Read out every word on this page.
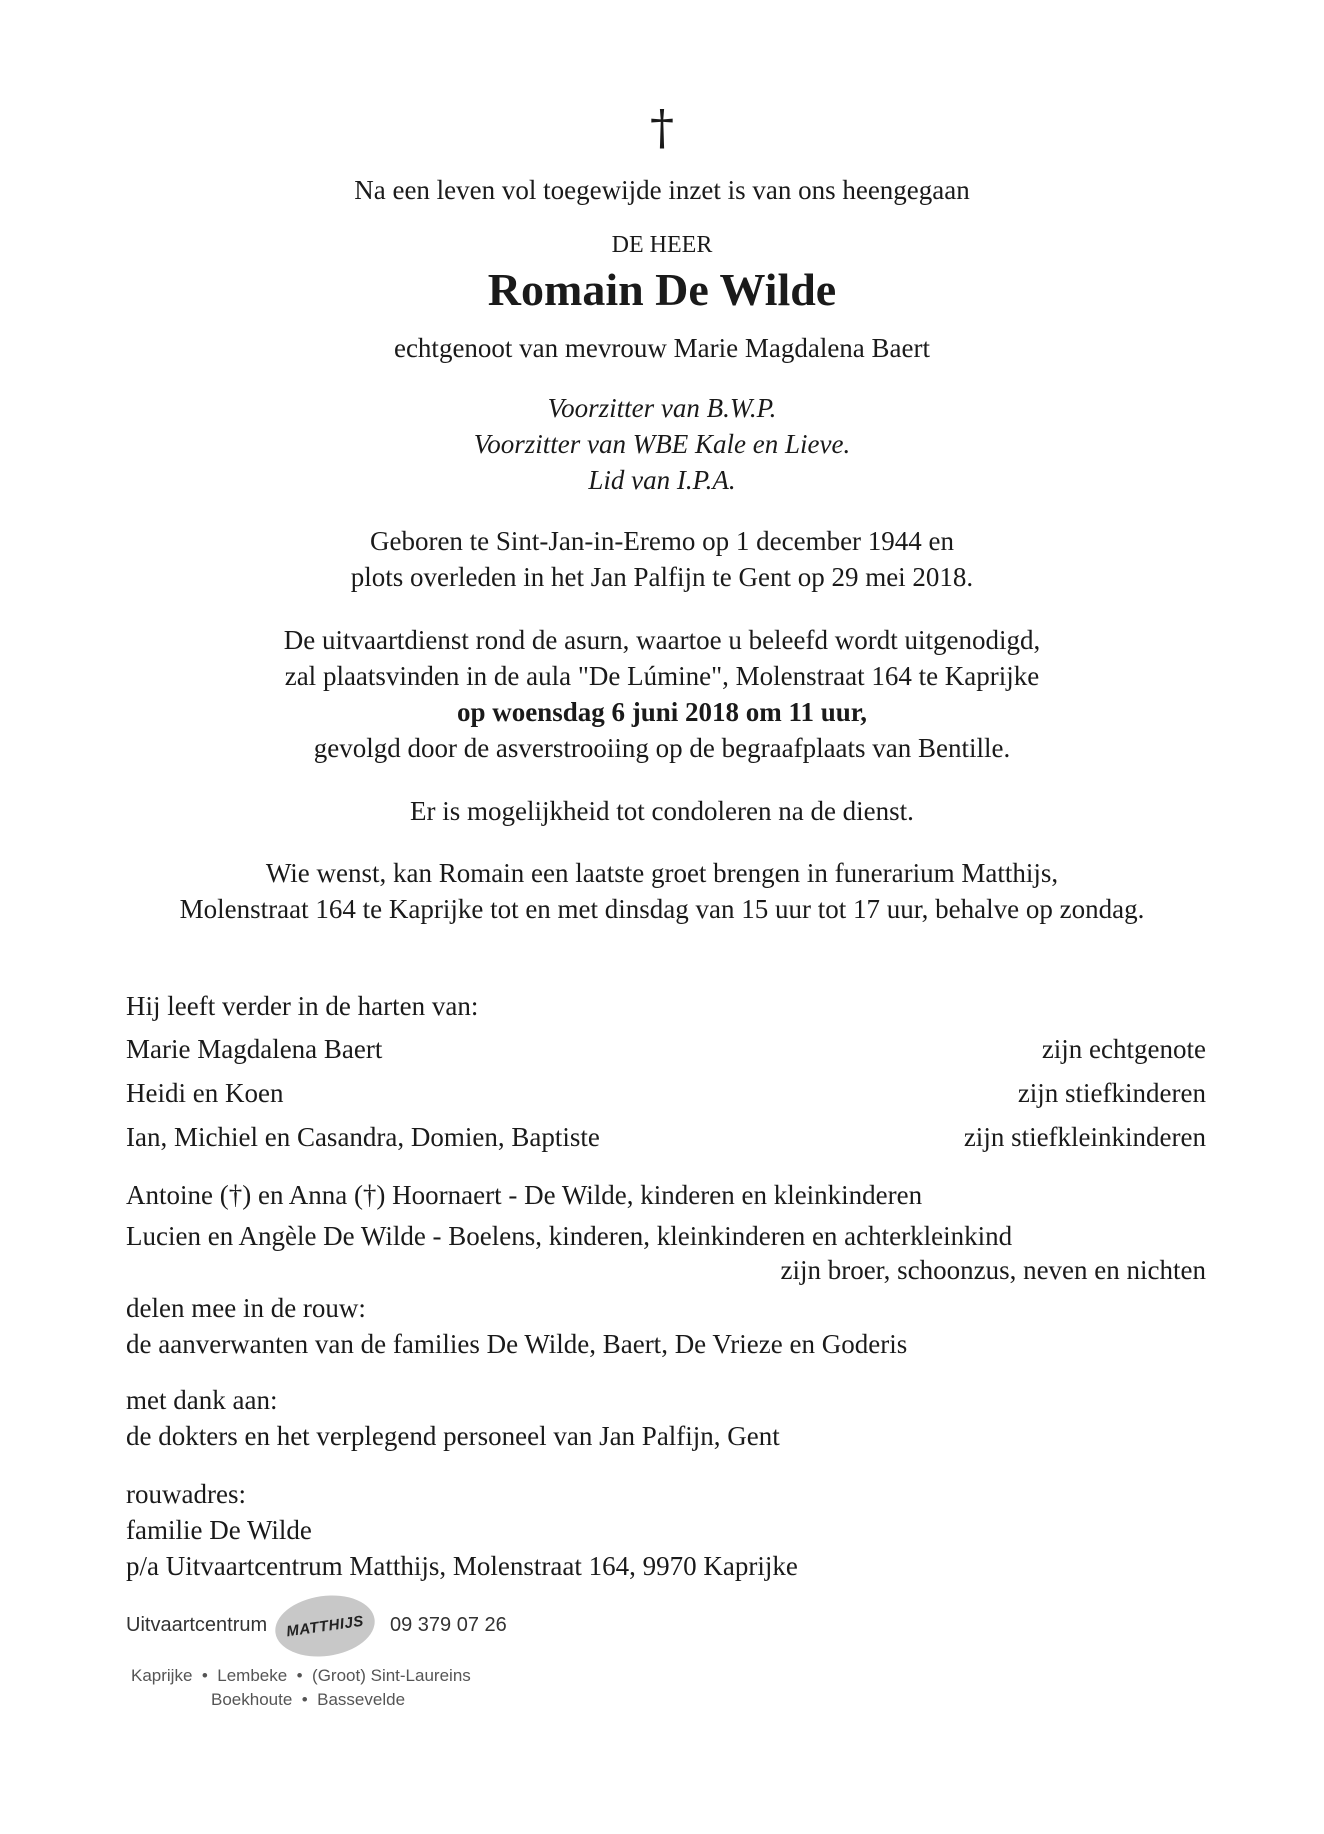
†
Na een leven vol toegewijde inzet is van ons heengegaan
DE HEER
Romain De Wilde
echtgenoot van mevrouw Marie Magdalena Baert
Voorzitter van B.W.P.
Voorzitter van WBE Kale en Lieve.
Lid van I.P.A.
Geboren te Sint-Jan-in-Eremo op 1 december 1944 en
plots overleden in het Jan Palfijn te Gent op 29 mei 2018.
De uitvaartdienst rond de asurn, waartoe u beleefd wordt uitgenodigd,
zal plaatsvinden in de aula "De Lúmine", Molenstraat 164 te Kaprijke
op woensdag 6 juni 2018 om 11 uur,
gevolgd door de asverstrooiing op de begraafplaats van Bentille.
Er is mogelijkheid tot condoleren na de dienst.
Wie wenst, kan Romain een laatste groet brengen in funerarium Matthijs,
Molenstraat 164 te Kaprijke tot en met dinsdag van 15 uur tot 17 uur, behalve op zondag.
Hij leeft verder in de harten van:
Marie Magdalena Baert	zijn echtgenote
Heidi en Koen	zijn stiefkinderen
Ian, Michiel en Casandra, Domien, Baptiste	zijn stiefkleinkinderen
Antoine (†) en Anna (†) Hoornaert - De Wilde, kinderen en kleinkinderen
Lucien en Angèle De Wilde - Boelens, kinderen, kleinkinderen en achterkleinkind
zijn broer, schoonzus, neven en nichten
delen mee in de rouw:
de aanverwanten van de families De Wilde, Baert, De Vrieze en Goderis
met dank aan:
de dokters en het verplegend personeel van Jan Palfijn, Gent
rouwadres:
familie De Wilde
p/a Uitvaartcentrum Matthijs, Molenstraat 164, 9970 Kaprijke
Uitvaartcentrum MATTHIJS 09 379 07 26
Kaprijke  •  Lembeke  •  (Groot) Sint-Laureins
Boekhoute  •  Bassevelde
